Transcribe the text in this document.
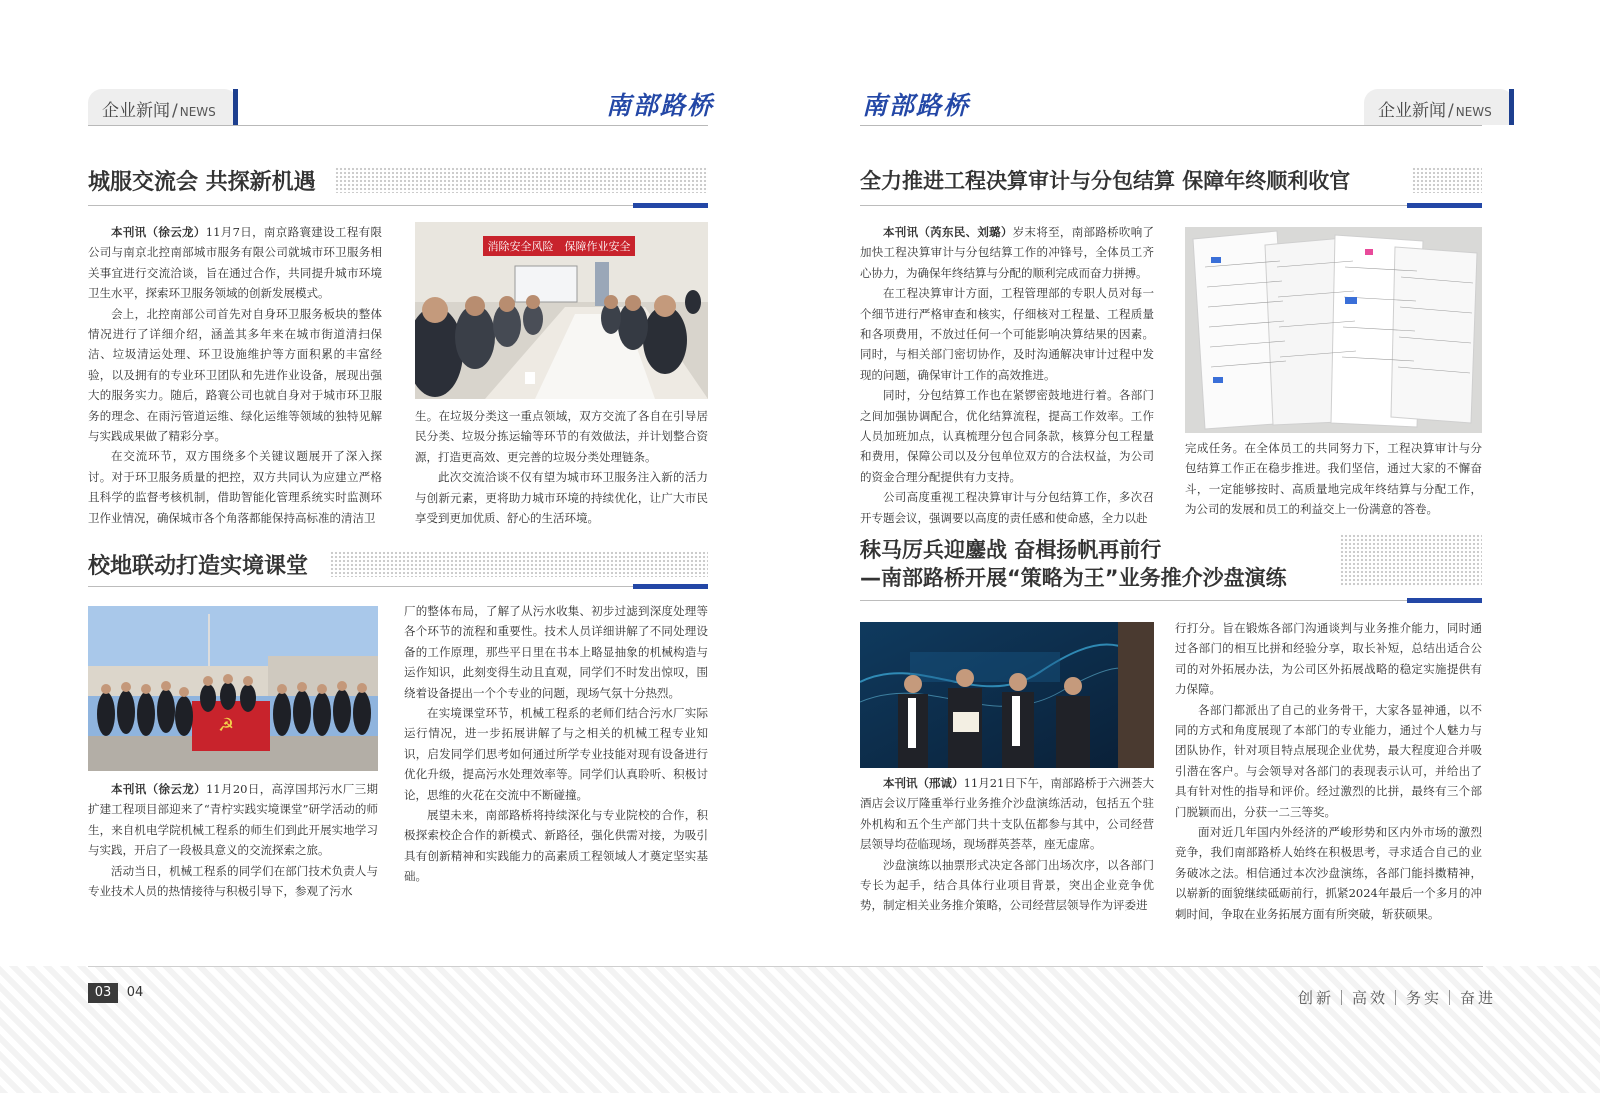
企业新闻 / NEWS	南部路桥	南部路桥	企业新闻 / NEWS
城服交流会 共探新机遇

本刊讯（徐云龙）11月7日，南京路寰建设工程有限公司与南京北控南部城市服务有限公司就城市环卫服务相关事宜进行交流洽谈，旨在通过合作，共同提升城市环境卫生水平，探索环卫服务领域的创新发展模式。

会上，北控南部公司首先对自身环卫服务板块的整体情况进行了详细介绍，涵盖其多年来在城市街道清扫保洁、垃圾清运处理、环卫设施维护等方面积累的丰富经验，以及拥有的专业环卫团队和先进作业设备，展现出强大的服务实力。随后，路寰公司也就自身对于城市环卫服务的理念、在雨污管道运维、绿化运维等领域的独特见解与实践成果做了精彩分享。

在交流环节，双方围绕多个关键议题展开了深入探讨。对于环卫服务质量的把控，双方共同认为应建立严格且科学的监督考核机制，借助智能化管理系统实时监测环卫作业情况，确保城市各个角落都能保持高标准的清洁卫

消除安全风险　保障作业安全

生。在垃圾分类这一重点领域，双方交流了各自在引导居民分类、垃圾分拣运输等环节的有效做法，并计划整合资源，打造更高效、更完善的垃圾分类处理链条。

此次交流洽谈不仅有望为城市环卫服务注入新的活力与创新元素，更将助力城市环境的持续优化，让广大市民享受到更加优质、舒心的生活环境。

校地联动打造实境课堂
☭

本刊讯（徐云龙）11月20日，高淳国邦污水厂三期扩建工程项目部迎来了“青柠实践实境课堂”研学活动的师生，来自机电学院机械工程系的师生们到此开展实地学习与实践，开启了一段极具意义的交流探索之旅。

活动当日，机械工程系的同学们在部门技术负责人与专业技术人员的热情接待与积极引导下，参观了污水

厂的整体布局，了解了从污水收集、初步过滤到深度处理等各个环节的流程和重要性。技术人员详细讲解了不同处理设备的工作原理，那些平日里在书本上略显抽象的机械构造与运作知识，此刻变得生动且直观，同学们不时发出惊叹，围绕着设备提出一个个专业的问题，现场气氛十分热烈。

在实境课堂环节，机械工程系的老师们结合污水厂实际运行情况，进一步拓展讲解了与之相关的机械工程专业知识，启发同学们思考如何通过所学专业技能对现有设备进行优化升级，提高污水处理效率等。同学们认真聆听、积极讨论，思维的火花在交流中不断碰撞。

展望未来，南部路桥将持续深化与专业院校的合作，积极探索校企合作的新模式、新路径，强化供需对接，为吸引具有创新精神和实践能力的高素质工程领域人才奠定坚实基础。

全力推进工程决算审计与分包结算 保障年终顺利收官

本刊讯（芮东民、刘璐）岁末将至，南部路桥吹响了加快工程决算审计与分包结算工作的冲锋号，全体员工齐心协力，为确保年终结算与分配的顺利完成而奋力拼搏。

在工程决算审计方面，工程管理部的专职人员对每一个细节进行严格审查和核实，仔细核对工程量、工程质量和各项费用，不放过任何一个可能影响决算结果的因素。同时，与相关部门密切协作，及时沟通解决审计过程中发现的问题，确保审计工作的高效推进。

同时，分包结算工作也在紧锣密鼓地进行着。各部门之间加强协调配合，优化结算流程，提高工作效率。工作人员加班加点，认真梳理分包合同条款，核算分包工程量和费用，保障公司以及分包单位双方的合法权益，为公司的资金合理分配提供有力支持。

公司高度重视工程决算审计与分包结算工作，多次召开专题会议，强调要以高度的责任感和使命感，全力以赴

完成任务。在全体员工的共同努力下，工程决算审计与分包结算工作正在稳步推进。我们坚信，通过大家的不懈奋斗，一定能够按时、高质量地完成年终结算与分配工作，为公司的发展和员工的利益交上一份满意的答卷。

秣马厉兵迎鏖战 奋楫扬帆再前行
—南部路桥开展“策略为王”业务推介沙盘演练

本刊讯（邢诚）11月21日下午，南部路桥于六洲荟大酒店会议厅隆重举行业务推介沙盘演练活动，包括五个驻外机构和五个生产部门共十支队伍都参与其中，公司经营层领导均莅临现场，现场群英荟萃，座无虚席。

沙盘演练以抽票形式决定各部门出场次序，以各部门专长为起手，结合具体行业项目背景，突出企业竞争优势，制定相关业务推介策略，公司经营层领导作为评委进

行打分。旨在锻炼各部门沟通谈判与业务推介能力，同时通过各部门的相互比拼和经验分享，取长补短，总结出适合公司的对外拓展办法，为公司区外拓展战略的稳定实施提供有力保障。

各部门都派出了自己的业务骨干，大家各显神通，以不同的方式和角度展现了本部门的专业能力，通过个人魅力与团队协作，针对项目特点展现企业优势，最大程度迎合并吸引潜在客户。与会领导对各部门的表现表示认可，并给出了具有针对性的指导和评价。经过激烈的比拼，最终有三个部门脱颖而出，分获一二三等奖。

面对近几年国内外经济的严峻形势和区内外市场的激烈竞争，我们南部路桥人始终在积极思考，寻求适合自己的业务破冰之法。相信通过本次沙盘演练，各部门能抖擞精神，以崭新的面貌继续砥砺前行，抓紧2024年最后一个多月的冲刺时间，争取在业务拓展方面有所突破，斩获硕果。

03	04	创新｜高效｜务实｜奋进
